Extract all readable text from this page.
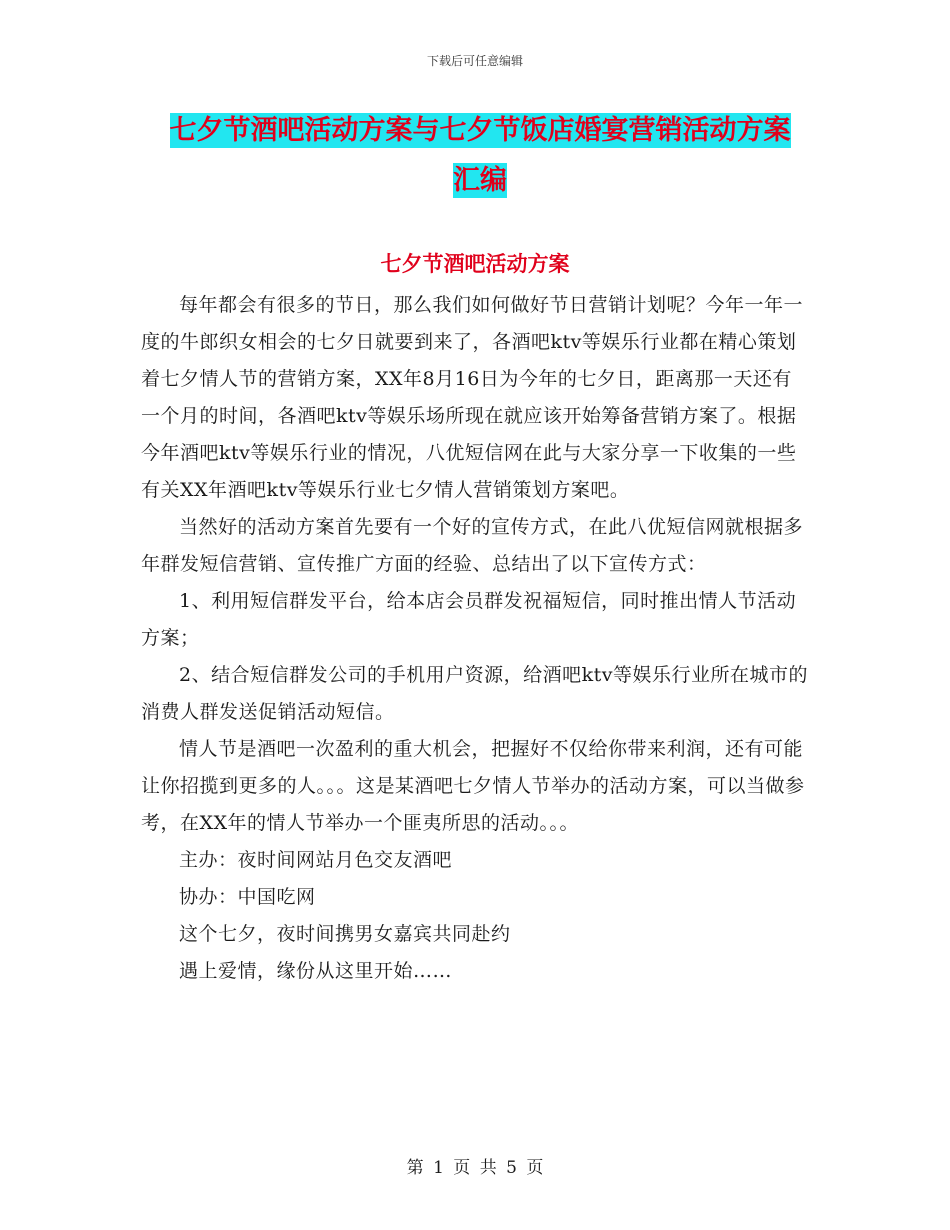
下载后可任意编辑
七夕节酒吧活动方案与七夕节饭店婚宴营销活动方案
汇编
七夕节酒吧活动方案

每年都会有很多的节日，那么我们如何做好节日营销计划呢？今年一年一度的牛郎织女相会的七夕日就要到来了，各酒吧ktv等娱乐行业都在精心策划着七夕情人节的营销方案，XX年8月16日为今年的七夕日，距离那一天还有一个月的时间，各酒吧ktv等娱乐场所现在就应该开始筹备营销方案了。根据今年酒吧ktv等娱乐行业的情况，八优短信网在此与大家分享一下收集的一些有关XX年酒吧ktv等娱乐行业七夕情人营销策划方案吧。

当然好的活动方案首先要有一个好的宣传方式，在此八优短信网就根据多年群发短信营销、宣传推广方面的经验、总结出了以下宣传方式：

1、利用短信群发平台，给本店会员群发祝福短信，同时推出情人节活动方案；

2、结合短信群发公司的手机用户资源，给酒吧ktv等娱乐行业所在城市的消费人群发送促销活动短信。

情人节是酒吧一次盈利的重大机会，把握好不仅给你带来利润，还有可能让你招揽到更多的人。。。这是某酒吧七夕情人节举办的活动方案，可以当做参考，在XX年的情人节举办一个匪夷所思的活动。。。

主办：夜时间网站月色交友酒吧

协办：中国吃网

这个七夕，夜时间携男女嘉宾共同赴约

遇上爱情，缘份从这里开始……

第 1 页 共 5 页
